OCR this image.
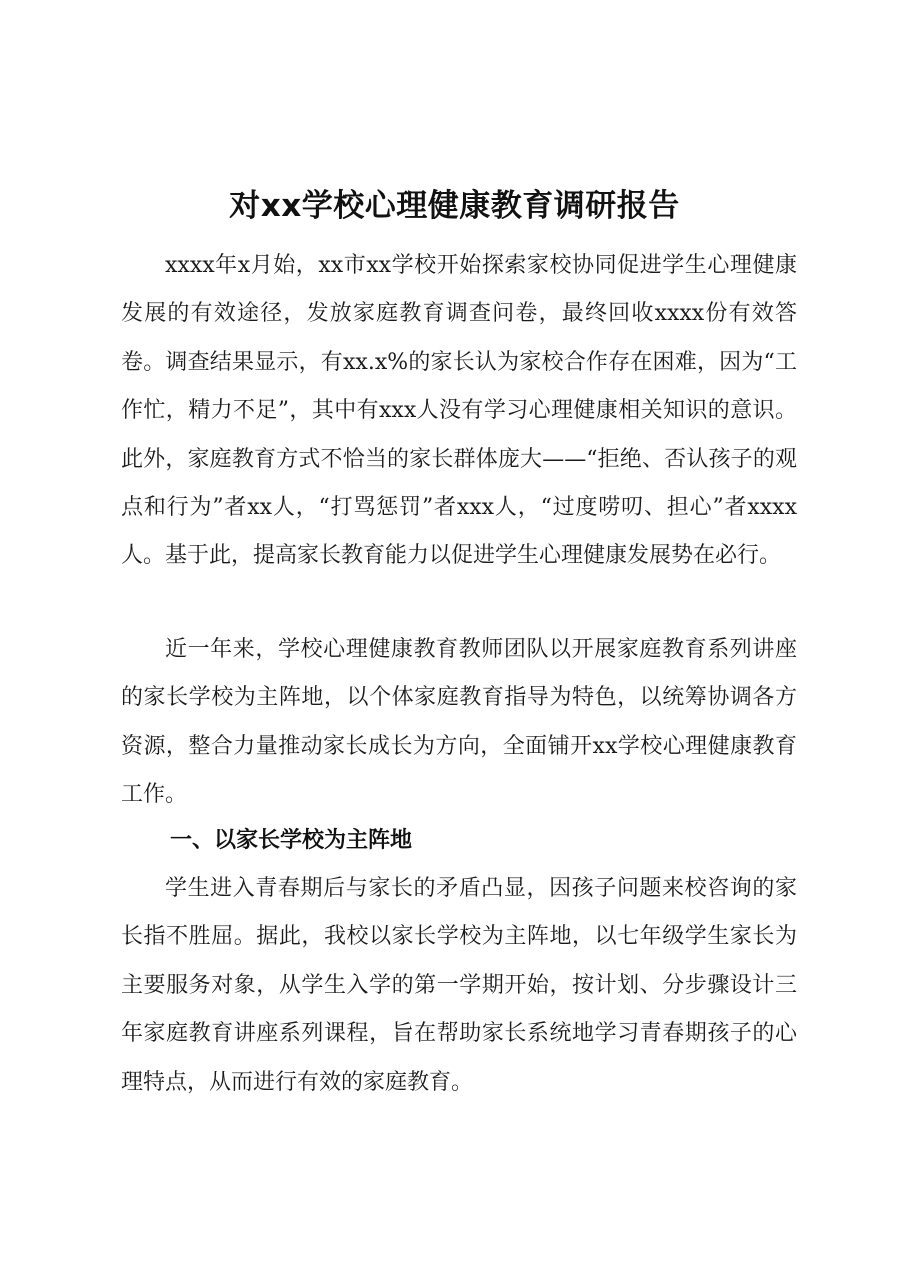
对xx学校心理健康教育调研报告

xxxx年x月始，xx市xx学校开始探索家校协同促进学生心理健康发展的有效途径，发放家庭教育调查问卷，最终回收xxxx份有效答卷。调查结果显示，有xx.x%的家长认为家校合作存在困难，因为“工作忙，精力不足”，其中有xxx人没有学习心理健康相关知识的意识。此外，家庭教育方式不恰当的家长群体庞大——“拒绝、否认孩子的观点和行为”者xx人，“打骂惩罚”者xxx人，“过度唠叨、担心”者xxxx人。基于此，提高家长教育能力以促进学生心理健康发展势在必行。

近一年来，学校心理健康教育教师团队以开展家庭教育系列讲座的家长学校为主阵地，以个体家庭教育指导为特色，以统筹协调各方资源，整合力量推动家长成长为方向，全面铺开xx学校心理健康教育工作。

一、以家长学校为主阵地

学生进入青春期后与家长的矛盾凸显，因孩子问题来校咨询的家长指不胜屈。据此，我校以家长学校为主阵地，以七年级学生家长为主要服务对象，从学生入学的第一学期开始，按计划、分步骤设计三年家庭教育讲座系列课程，旨在帮助家长系统地学习青春期孩子的心理特点，从而进行有效的家庭教育。
